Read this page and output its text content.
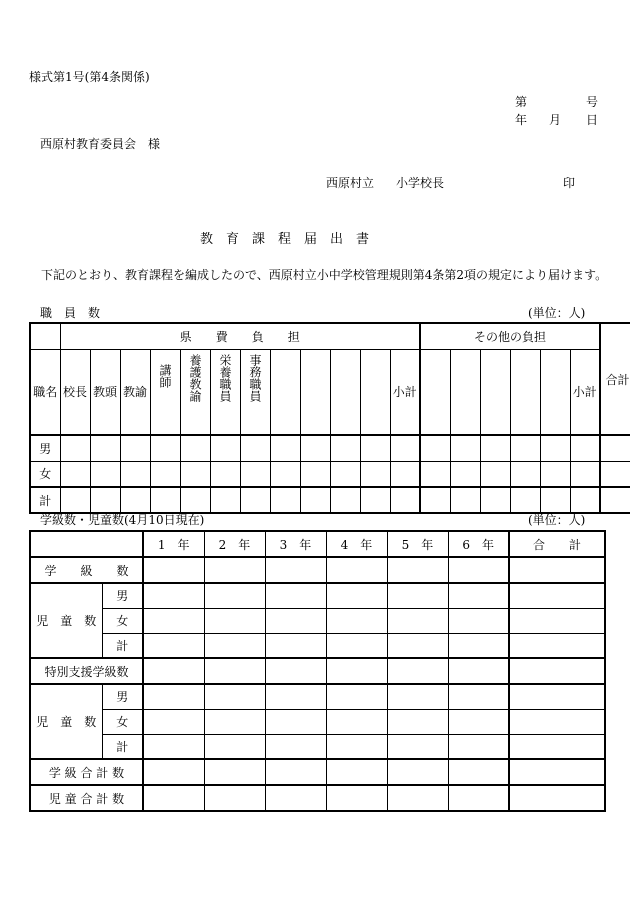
様式第1号(第4条関係)
第	号
年 月 日
西原村教育委員会　様
西原村立 小学校長	印
教　育　課　程　届　出　書
下記のとおり、教育課程を編成したので、西原村立小中学校管理規則第4条第2項の規定により届けます。
職　員　数	(単位：人)
	県　　費　　負　　担												その他の負担						合計
職名	校長	教頭	教諭	講師	養護教諭	栄養職員	事務職員					小計						小計	
男																			
女																			
計																			
学級数・児童数(4月10日現在)	(単位：人)
		1　年	2　年	3　年	4　年	5　年	6　年	合　　計
学　　級　　数								
児　童　数	男							
	女							
	計							
特別支援学級数								
児　童　数	男							
	女							
	計							
学 級 合 計 数								
児 童 合 計 数								
